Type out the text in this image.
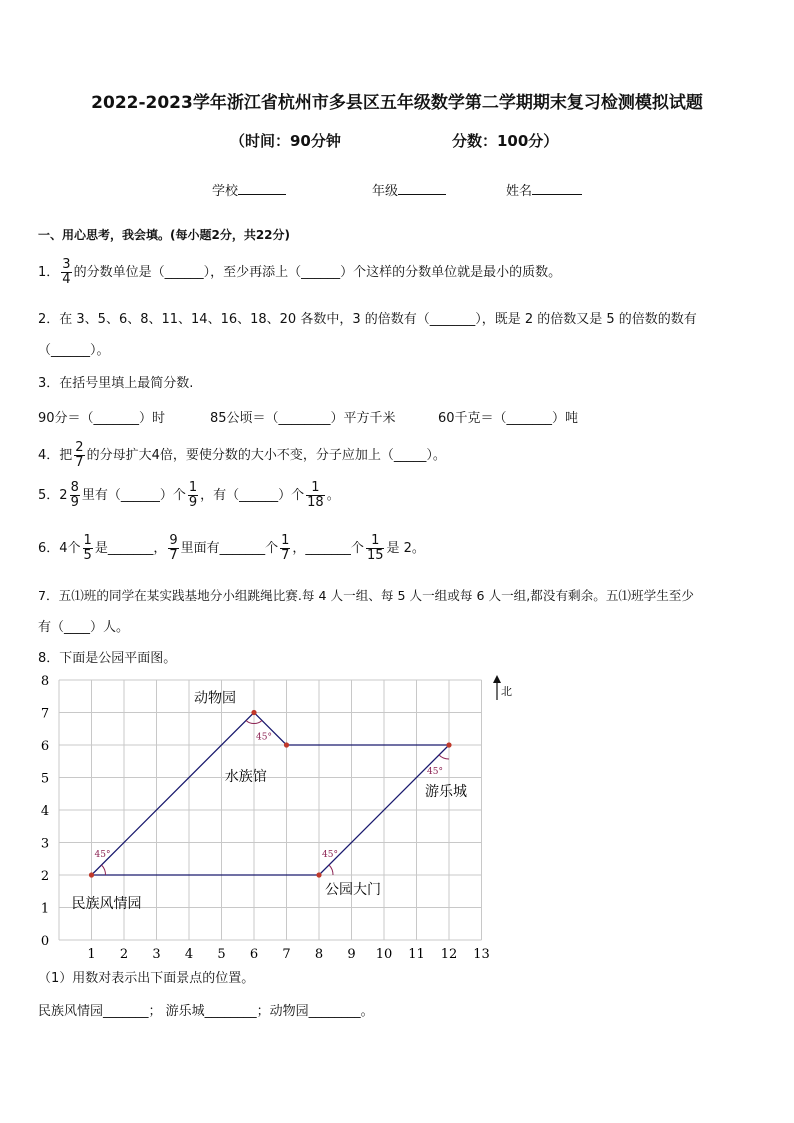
2022-2023学年浙江省杭州市多县区五年级数学第二学期期末复习检测模拟试题
（时间：90分钟	分数：100分）
学校	年级	姓名
一、用心思考，我会填。(每小题2分，共22分)
1． $\frac{3}{4}$ 的分数单位是（______），至少再添上（______）个这样的分数单位就是最小的质数。
2．在 3、5、6、8、11、14、16、18、20 各数中，3 的倍数有（_______），既是 2 的倍数又是 5 的倍数的数有
（______）。
3．在括号里填上最简分数.
90分＝（_______）时	85公顷＝（________）平方千米	60千克＝（_______）吨
4．把 $\frac{2}{7}$ 的分母扩大4倍，要使分数的大小不变，分子应加上（_____）。
5．$2 \frac{8}{9}$ 里有（______）个 $\frac{1}{9}$ ，有（______）个 $\frac{1}{18}$ 。
6．4个 $\frac{1}{5}$ 是_______， $\frac{9}{7}$ 里面有_______个 $\frac{1}{7}$ ，_______个 $\frac{1}{15}$ 是 2。
7．五⑴班的同学在某实践基地分小组跳绳比赛.每 4 人一组、每 5 人一组或每 6 人一组,都没有剩余。五⑴班学生至少
有（____）人。
8．下面是公园平面图。
1 2 3 4 5 6 7 8 9 10 11 12 13
0
1
2
3
4
5
6
7
8
北
45°
45°
45°
45°
民族风情园
动物园
游乐城
公园大门
水族馆
（1）用数对表示出下面景点的位置。
民族风情园_______； 游乐城________；动物园________。
